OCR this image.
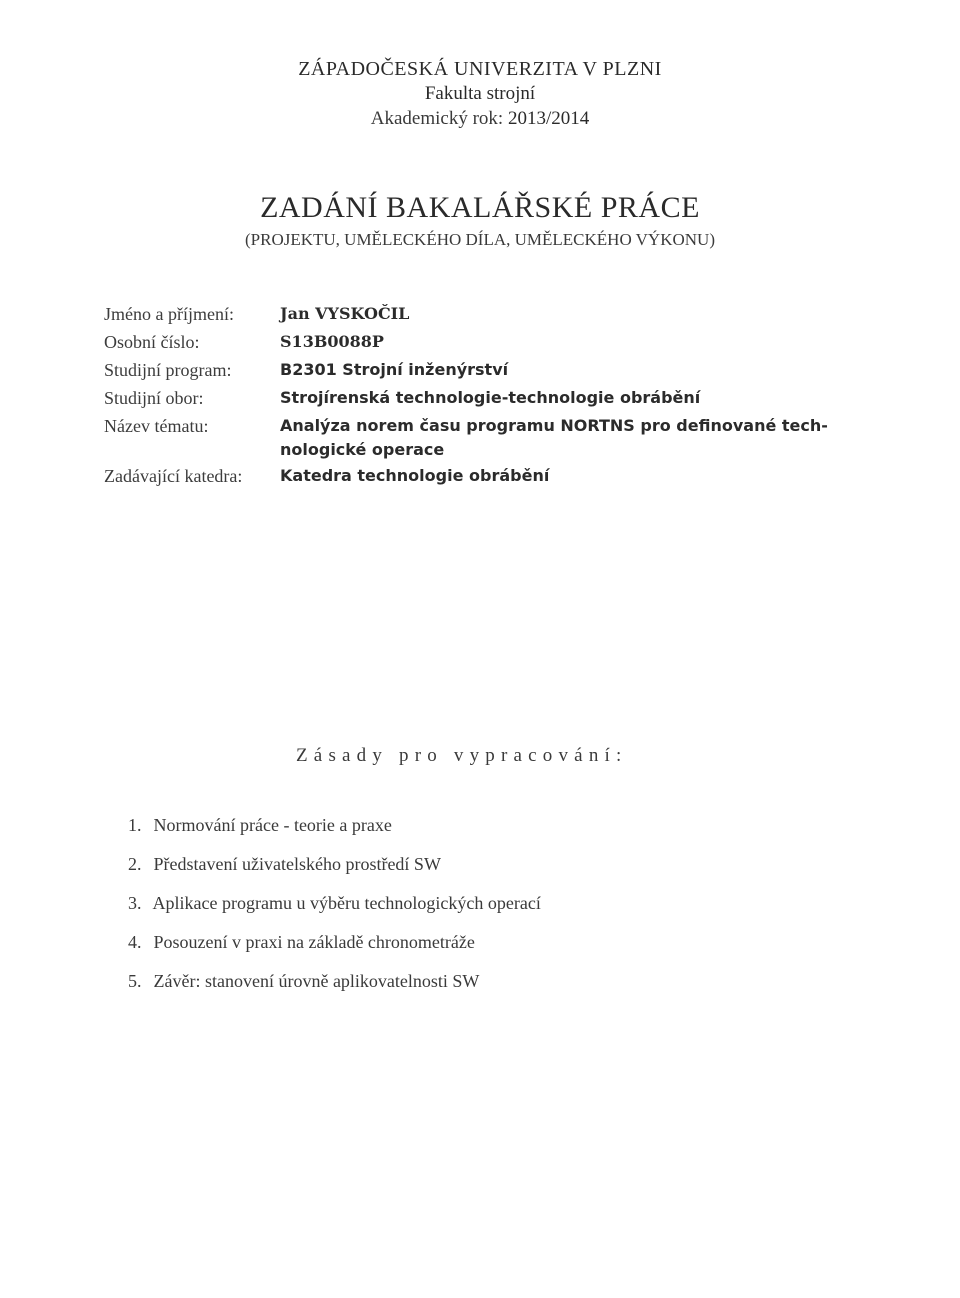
ZÁPADOČESKÁ UNIVERZITA V PLZNI
Fakulta strojní
Akademický rok: 2013/2014
ZADÁNÍ BAKALÁŘSKÉ PRÁCE
(PROJEKTU, UMĚLECKÉHO DÍLA, UMĚLECKÉHO VÝKONU)
Jméno a příjmení:	Jan VYSKOČIL
Osobní číslo:	S13B0088P
Studijní program:	B2301 Strojní inženýrství
Studijní obor:	Strojírenská technologie-technologie obrábění
Název tématu:	Analýza norem času programu NORTNS pro definované tech-
nologické operace
Zadávající katedra:	Katedra technologie obrábění
Zásady pro vypracování:
1. Normování práce - teorie a praxe
2. Představení uživatelského prostředí SW
3. Aplikace programu u výběru technologických operací
4. Posouzení v praxi na základě chronometráže
5. Závěr: stanovení úrovně aplikovatelnosti SW
